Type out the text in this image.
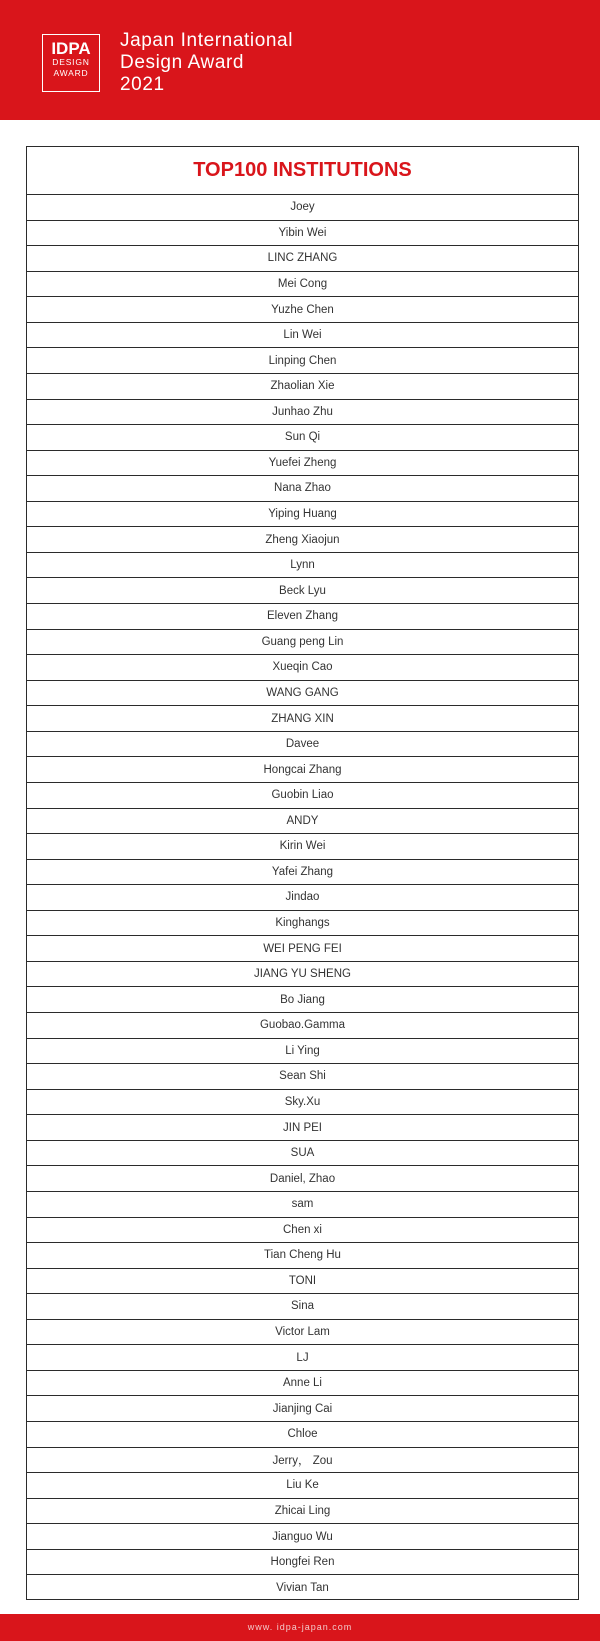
IDPA
DESIGN
AWARD
Japan International
Design Award
2021
TOP100 INSTITUTIONS
Joey
Yibin Wei
LINC ZHANG
Mei Cong
Yuzhe Chen
Lin Wei
Linping Chen
Zhaolian Xie
Junhao Zhu
Sun Qi
Yuefei Zheng
Nana Zhao
Yiping Huang
Zheng Xiaojun
Lynn
Beck Lyu
Eleven Zhang
Guang peng Lin
Xueqin Cao
WANG GANG
ZHANG XIN
Davee
Hongcai Zhang
Guobin Liao
ANDY
Kirin Wei
Yafei Zhang
Jindao
Kinghangs
WEI PENG FEI
JIANG YU SHENG
Bo Jiang
Guobao.Gamma
Li Ying
Sean Shi
Sky.Xu
JIN PEI
SUA
Daniel, Zhao
sam
Chen xi
Tian Cheng Hu
TONI
Sina
Victor Lam
LJ
Anne Li
Jianjing Cai
Chloe
Jerry， Zou
Liu Ke
Zhicai Ling
Jianguo Wu
Hongfei Ren
Vivian Tan
www. idpa-japan.com
